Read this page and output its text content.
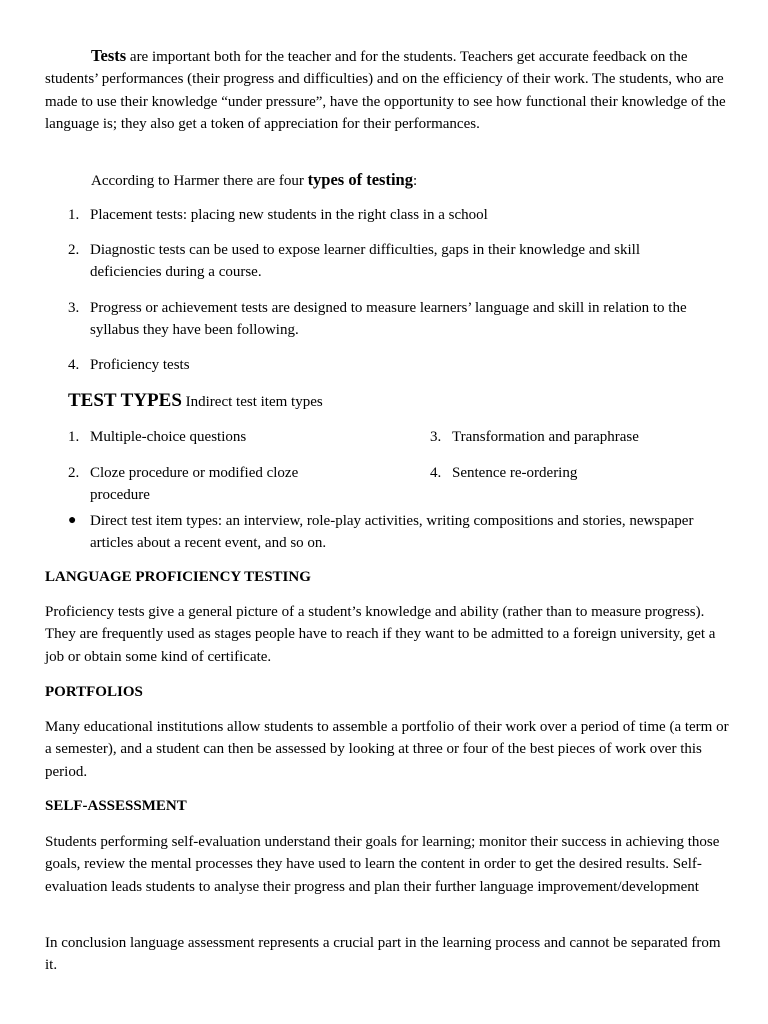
Tests are important both for the teacher and for the students. Teachers get accurate feedback on the students’ performances (their progress and difficulties) and on the efficiency of their work. The students, who are made to use their knowledge “under pressure”, have the opportunity to see how functional their knowledge of the language is; they also get a token of appreciation for their performances.

According to Harmer there are four types of testing:

1. Placement tests: placing new students in the right class in a school
2. Diagnostic tests can be used to expose learner difficulties, gaps in their knowledge and skill deficiencies during a course.
3. Progress or achievement tests are designed to measure learners’ language and skill in relation to the syllabus they have been following.
4. Proficiency tests
TEST TYPES Indirect test item types
1. Multiple-choice questions
2. Cloze procedure or modified cloze procedure
3. Transformation and paraphrase
4. Sentence re-ordering
● Direct test item types: an interview, role-play activities, writing compositions and stories, newspaper articles about a recent event, and so on.
LANGUAGE PROFICIENCY TESTING

Proficiency tests give a general picture of a student’s knowledge and ability (rather than to measure progress). They are frequently used as stages people have to reach if they want to be admitted to a foreign university, get a job or obtain some kind of certificate.

PORTFOLIOS

Many educational institutions allow students to assemble a portfolio of their work over a period of time (a term or a semester), and a student can then be assessed by looking at three or four of the best pieces of work over this period.

SELF-ASSESSMENT

Students performing self-evaluation understand their goals for learning; monitor their success in achieving those goals, review the mental processes they have used to learn the content in order to get the desired results. Self-evaluation leads students to analyse their progress and plan their further language improvement/development

In conclusion language assessment represents a crucial part in the learning process and cannot be separated from it.
